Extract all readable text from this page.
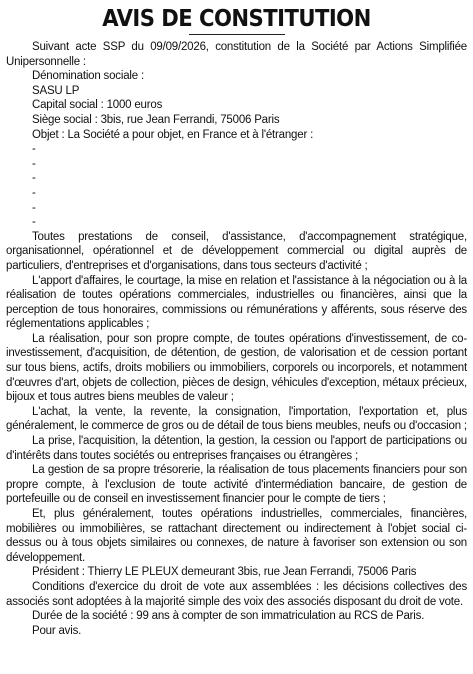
AVIS DE CONSTITUTION

Suivant acte SSP du 09/09/2026, constitution de la Société par Actions Simplifiée Unipersonnelle :

Dénomination sociale :

SASU LP

Capital social : 1000 euros

Siège social : 3bis, rue Jean Ferrandi, 75006 Paris

Objet : La Société a pour objet, en France et à l'étranger :

-

-

-

-

-

-

Toutes prestations de conseil, d'assistance, d'accompagnement stratégique, organisationnel, opérationnel et de développement commercial ou digital auprès de particuliers, d'entreprises et d'organisations, dans tous secteurs d'activité ;

L'apport d'affaires, le courtage, la mise en relation et l'assistance à la négociation ou à la réalisation de toutes opérations commerciales, industrielles ou financières, ainsi que la perception de tous honoraires, commissions ou rémunérations y afférents, sous réserve des réglementations applicables ;

La réalisation, pour son propre compte, de toutes opérations d'investissement, de co-investissement, d'acquisition, de détention, de gestion, de valorisation et de cession portant sur tous biens, actifs, droits mobiliers ou immobiliers, corporels ou incorporels, et notamment d'œuvres d'art, objets de collection, pièces de design, véhicules d'exception, métaux précieux, bijoux et tous autres biens meubles de valeur ;

L'achat, la vente, la revente, la consignation, l'importation, l'exportation et, plus généralement, le commerce de gros ou de détail de tous biens meubles, neufs ou d'occasion ;

La prise, l'acquisition, la détention, la gestion, la cession ou l'apport de participations ou d'intérêts dans toutes sociétés ou entreprises françaises ou étrangères ;

La gestion de sa propre trésorerie, la réalisation de tous placements financiers pour son propre compte, à l'exclusion de toute activité d'intermédiation bancaire, de gestion de portefeuille ou de conseil en investissement financier pour le compte de tiers ;

Et, plus généralement, toutes opérations industrielles, commerciales, financières, mobilières ou immobilières, se rattachant directement ou indirectement à l'objet social ci-dessus ou à tous objets similaires ou connexes, de nature à favoriser son extension ou son développement.

Président : Thierry LE PLEUX demeurant 3bis, rue Jean Ferrandi, 75006 Paris

Conditions d'exercice du droit de vote aux assemblées : les décisions collectives des associés sont adoptées à la majorité simple des voix des associés disposant du droit de vote.

Durée de la société : 99 ans à compter de son immatriculation au RCS de Paris.

Pour avis.
